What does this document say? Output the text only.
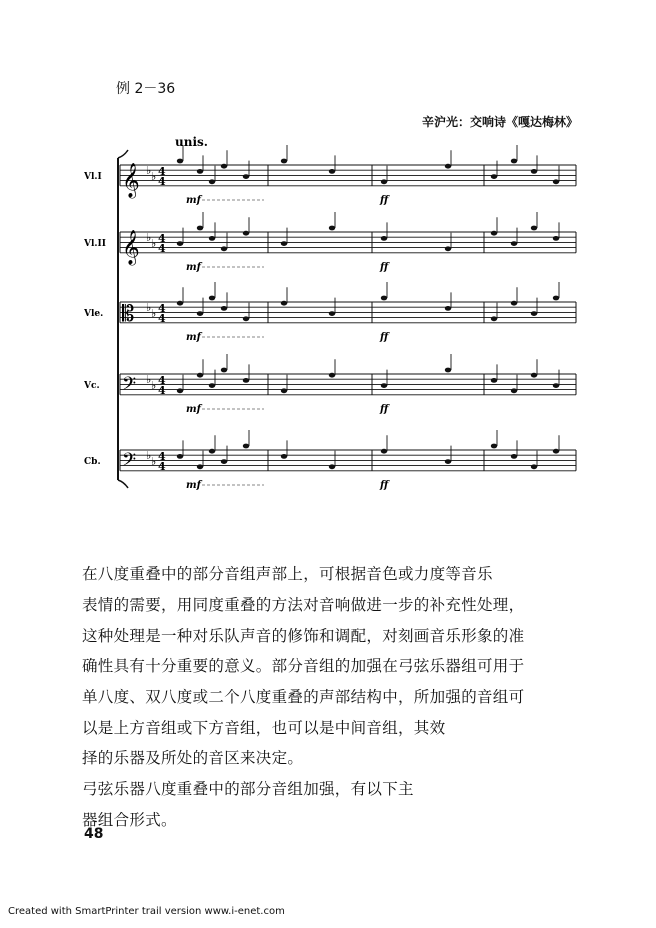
例 2－36
辛沪光：交响诗《嘎达梅林》
unis.
Vl.I 𝄞 ♭ ♭ 4
4
mf	ff
Vl.II 𝄞 ♭ ♭ 4
4
mf	ff
Vle. 𝄡 ♭ ♭ 4
4
mf	ff
Vc. 𝄢 ♭ ♭ 4
4
mf	ff
Cb. 𝄢 ♭ ♭ 4
4
mf	ff
在八度重叠中的部分音组声部上，可根据音色或力度等音乐
表情的需要，用同度重叠的方法对音响做进一步的补充性处理，
这种处理是一种对乐队声音的修饰和调配，对刻画音乐形象的准
确性具有十分重要的意义。部分音组的加强在弓弦乐器组可用于
单八度、双八度或二个八度重叠的声部结构中，所加强的音组可
以是上方音组或下方音组，也可以是中间音组，其效
择的乐器及所处的音区来决定。
弓弦乐器八度重叠中的部分音组加强，有以下主
器组合形式。
48
Created with SmartPrinter trail version www.i-enet.com
